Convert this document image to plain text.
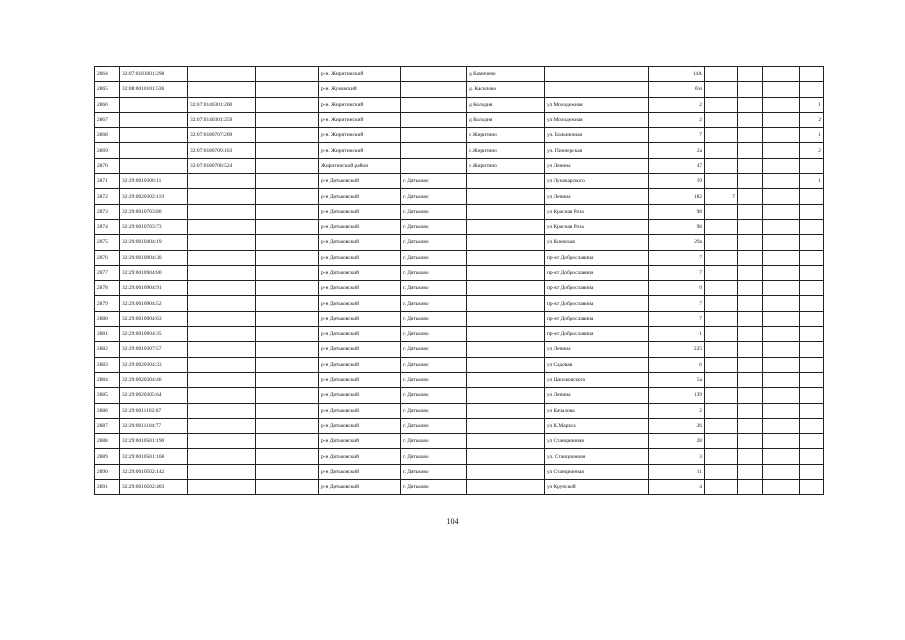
2864	32:07:0181001:298			р-н. Жиритинский		д Камичево		14А				
2865	32:08:0010101:536			р-н. Жуковский		д. Касилово		б/н				
2866		32:07:0140301:260		р-н. Жиритинский		д Колодня	ул Молодежная	2				1
2867		32:07:0140301:259		р-н. Жиритинский		д Колодня	ул Молодежная	2				2
2868		32:07:0180707:209		р-н. Жиритинский		с Жиритино	ул. Больничная	7				1
2869		32:07:0180709:163		р-н. Жиритинский		с.Жиритино	ул. Пионерская	2а				2
2870		32:07:0180708:524		Жиритинский район		с.Жиритино	ул Ленина	47				
2871	32:29:0010306:11			р-н Дятьковский	г. Дятьково		ул Луначарского	19				1
2872	32:29:0020302:119			р-н Дятьковский	г. Дятьково		ул Ленина	182	7			
2873	32:29:0010703:80			р-н Дятьковский	г. Дятьково		ул Красная Роза	98				
2874	32:29:0010703:73			р-н Дятьковский	г. Дятьково		ул Красная Роза	98				
2875	32:29:0010404:19			р-н Дятьковский	г. Дятьково		ул Киевская	29а				
2876	32:29:0010904:30			р-н Дятьковский	г. Дятьково		пр-кт Доброславина	7				
2877	32:29:0010904:80			р-н Дятьковский	г. Дятьково		пр-кт Доброславина	7				
2878	32:29:0010904:91			р-н Дятьковский	г. Дятьково		пр-кт Доброславина	9				
2879	32:29:0010904:52			р-н Дятьковский	г. Дятьково		пр-кт Доброславина	7				
2880	32:29:0010904:63			р-н Дятьковский	г. Дятьково		пр-кт Доброславина	7				
2881	32:29:0010904:35			р-н Дятьковский	г. Дятьково		пр-кт Доброславина	1				
2882	32:29:0010307:57			р-н Дятьковский	г. Дятьково		ул Ленина	225				
2883	32:29:0020304:33			р-н Дятьковский	г. Дятьково		ул Садовая	6				
2884	32:29:0020304:46			р-н Дятьковский	г. Дятьково		ул Циолковского	5а				
2885	32:29:0020305:64			р-н Дятьковский	г. Дятьково		ул Ленина	139				
2886	32:29:0011102:67			р-н Дятьковский	г. Дятьково		ул Качалова	2				
2887	32:29:0011104:77			р-н Дятьковский	г. Дятьково		ул К.Маркса	26				
2888	32:29:0010501:190			р-н Дятьковский	г. Дятьково		ул Станционная	28				
2889	32:29:0010501:168			р-н Дятьковский	г. Дятьково		ул. Станционная	3				
2890	32:29:0010502:142			р-н Дятьковский	г. Дятьково		ул Станционная	11				
2891	32:29:0010502:403			р-н Дятьковский	г. Дятьково		ул Крупской	4				
104
